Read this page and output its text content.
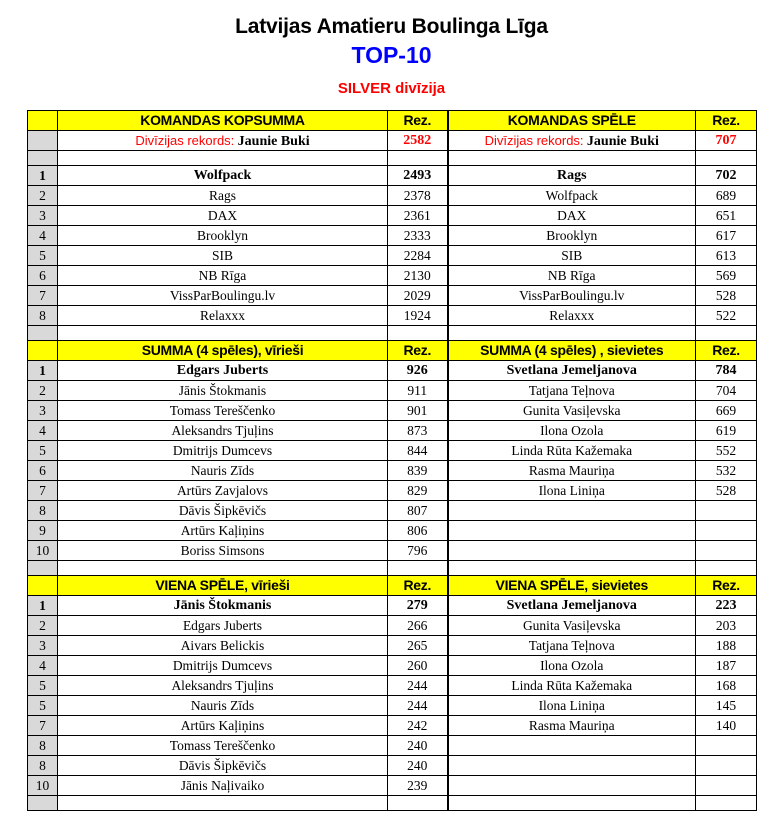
Latvijas Amatieru Boulinga Līga
TOP-10
SILVER divīzija
	KOMANDAS KOPSUMMA	Rez.	KOMANDAS SPĒLE	Rez.
	Divīzijas rekords: Jaunie Buki	2582	Divīzijas rekords: Jaunie Buki	707

1	Wolfpack	2493	Rags	702
2	Rags	2378	Wolfpack	689
3	DAX	2361	DAX	651
4	Brooklyn	2333	Brooklyn	617
5	SIB	2284	SIB	613
6	NB Rīga	2130	NB Rīga	569
7	VissParBoulingu.lv	2029	VissParBoulingu.lv	528
8	Relaxxx	1924	Relaxxx	522

	SUMMA (4 spēles), vīrieši	Rez.	SUMMA (4 spēles) , sievietes	Rez.
1	Edgars Juberts	926	Svetlana Jemeljanova	784
2	Jānis Štokmanis	911	Tatjana Teļnova	704
3	Tomass Tereščenko	901	Gunita Vasiļevska	669
4	Aleksandrs Tjuļins	873	Ilona Ozola	619
5	Dmitrijs Dumcevs	844	Linda Rūta Kažemaka	552
6	Nauris Zīds	839	Rasma Mauriņa	532
7	Artūrs Zavjalovs	829	Ilona Liniņa	528
8	Dāvis Šipkēvičs	807		
9	Artūrs Kaļiņins	806		
10	Boriss Simsons	796		

	VIENA SPĒLE, vīrieši	Rez.	VIENA SPĒLE, sievietes	Rez.
1	Jānis Štokmanis	279	Svetlana Jemeljanova	223
2	Edgars Juberts	266	Gunita Vasiļevska	203
3	Aivars Belickis	265	Tatjana Teļnova	188
4	Dmitrijs Dumcevs	260	Ilona Ozola	187
5	Aleksandrs Tjuļins	244	Linda Rūta Kažemaka	168
5	Nauris Zīds	244	Ilona Liniņa	145
7	Artūrs Kaļiņins	242	Rasma Mauriņa	140
8	Tomass Tereščenko	240		
8	Dāvis Šipkēvičs	240		
10	Jānis Naļivaiko	239		
